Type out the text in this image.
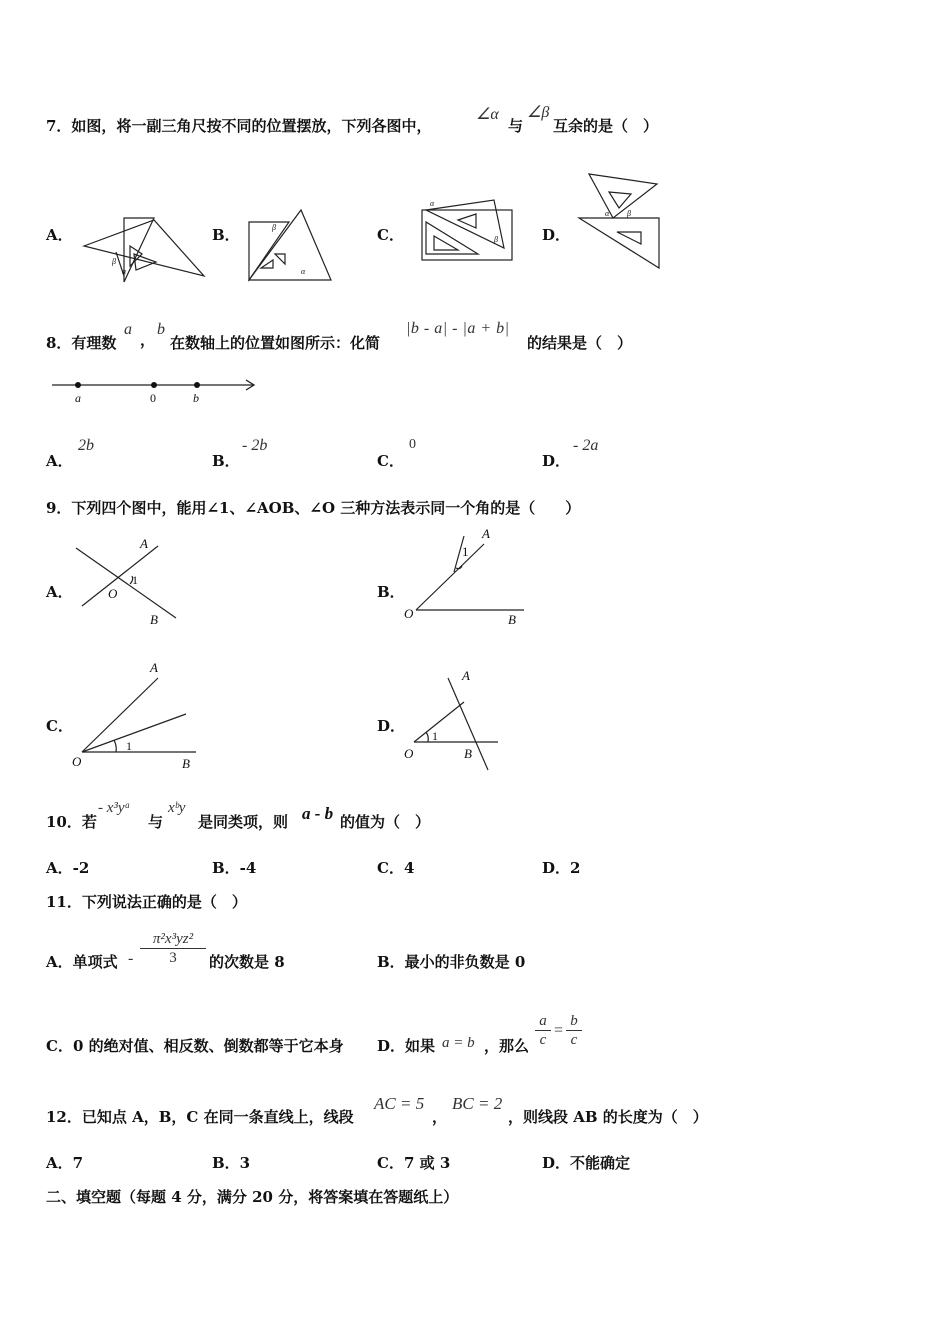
7．如图，将一副三角尺按不同的位置摆放，下列各图中，
∠α
与
∠β
互余的是（　）
A．	B．	C．	D．
β
α
β
α
α
β
α β
8．有理数
a
，
b
在数轴上的位置如图所示：化简
|b - a| - |a + b|
的结果是（　）
a	0	b
A．
2b
B．
- 2b
C．
0
D．
- 2a
9．下列四个图中，能用∠1、∠AOB、∠O 三种方法表示同一个角的是（　　）
A．	B．
C．	D．
A
1
O
B
A
1
O	B
A
1
O	B
A
1
O	B
10．若
- x³yᵃ
与
xᵇy
是同类项，则 a - b 的值为（　）
A．-2	B．-4	C．4	D．2
11．下列说法正确的是（　）
A．单项式 - $\frac{\text{π²x³yz²}}{3}$ 的次数是 8	B．最小的非负数是 0
C．0 的绝对值、相反数、倒数都等于它本身 D．如果 a = b ，那么 $\frac{a}{c} = \frac{b}{c}$
12．已知点 A，B，C 在同一条直线上，线段
AC = 5
，
BC = 2
，则线段 AB 的长度为（　）
A．7	B．3	C．7 或 3	D．不能确定
二、填空题（每题 4 分，满分 20 分，将答案填在答题纸上）
